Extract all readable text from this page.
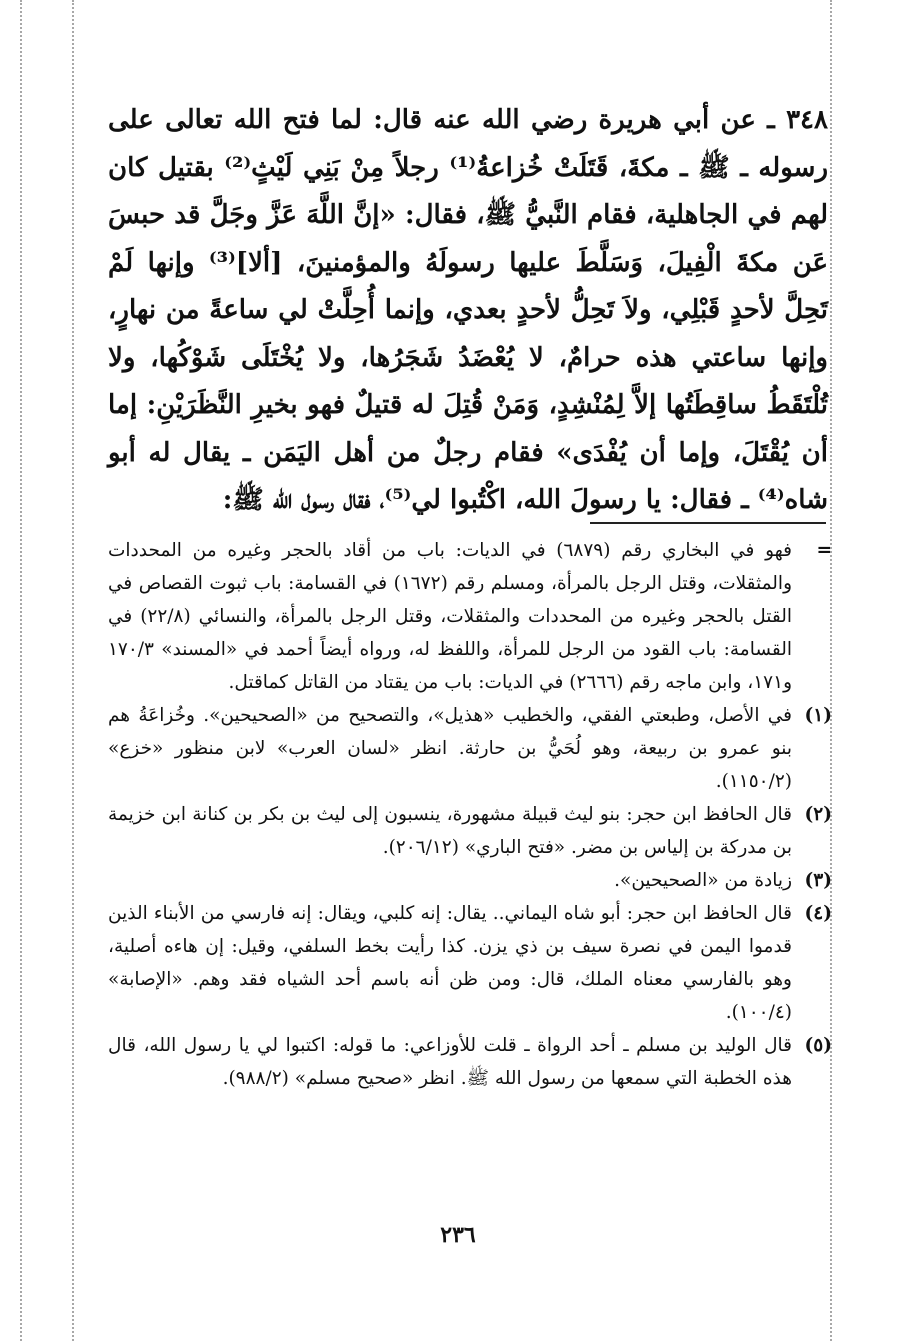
٣٤٨ ـ عن أبي هريرة رضي الله عنه قال: لما فتح الله تعالى على رسوله ـ ﷺ ـ مكةَ، قَتَلَتْ خُزاعةُ⁽¹⁾ رجلاً مِنْ بَنِي لَيْثٍ⁽²⁾ بقتيل كان لهم في الجاهلية، فقام النَّبيُّ ﷺ، فقال: «إنَّ اللَّهَ عَزَّ وجَلَّ قد حبسَ عَن مكةَ الْفِيلَ، وَسَلَّطَ عليها رسولَهُ والمؤمنينَ، [ألا]⁽³⁾ وإنها لَمْ تَحِلَّ لأحدٍ قَبْلِي، ولاَ تَحِلُّ لأحدٍ بعدي، وإنما أُحِلَّتْ لي ساعةً من نهارٍ، وإنها ساعتي هذه حرامٌ، لا يُعْضَدُ شَجَرُها، ولا يُخْتَلَى شَوْكُها، ولا تُلْتَقَطُ ساقِطَتُها إلاَّ لِمُنْشِدٍ، وَمَنْ قُتِلَ له قتيلٌ فهو بخيرِ النَّظَرَيْنِ: إما أن يُقْتَلَ، وإما أن يُفْدَى» فقام رجلٌ من أهل اليَمَن ـ يقال له أبو شاه⁽⁴⁾ ـ فقال: يا رسولَ الله، اكْتُبوا لي⁽⁵⁾، فقال رسول الله ﷺ:

=
فهو في البخاري رقم (٦٨٧٩) في الديات: باب من أقاد بالحجر وغيره من المحددات والمثقلات، وقتل الرجل بالمرأة، ومسلم رقم (١٦٧٢) في القسامة: باب ثبوت القصاص في القتل بالحجر وغيره من المحددات والمثقلات، وقتل الرجل بالمرأة، والنسائي (٢٢/٨) في القسامة: باب القود من الرجل للمرأة، واللفظ له، ورواه أيضاً أحمد في «المسند» ١٧٠/٣ و١٧١، وابن ماجه رقم (٢٦٦٦) في الديات: باب من يقتاد من القاتل كماقتل.

(١)
في الأصل، وطبعتي الفقي، والخطيب «هذيل»، والتصحيح من «الصحيحين». وخُزاعَةُ هم بنو عمرو بن ربيعة، وهو لُحَيُّ بن حارثة. انظر «لسان العرب» لابن منظور «خزع» (١١٥٠/٢).

(٢)
قال الحافظ ابن حجر: بنو ليث قبيلة مشهورة، ينسبون إلى ليث بن بكر بن كنانة ابن خزيمة بن مدركة بن إلياس بن مضر. «فتح الباري» (٢٠٦/١٢).

(٣)
زيادة من «الصحيحين».

(٤)
قال الحافظ ابن حجر: أبو شاه اليماني.. يقال: إنه كلبي، ويقال: إنه فارسي من الأبناء الذين قدموا اليمن في نصرة سيف بن ذي يزن. كذا رأيت بخط السلفي، وقيل: إن هاءه أصلية، وهو بالفارسي معناه الملك، قال: ومن ظن أنه باسم أحد الشياه فقد وهم. «الإصابة» (١٠٠/٤).

(٥)
قال الوليد بن مسلم ـ أحد الرواة ـ قلت للأوزاعي: ما قوله: اكتبوا لي يا رسول الله، قال هذه الخطبة التي سمعها من رسول الله ﷺ. انظر «صحيح مسلم» (٩٨٨/٢).

٢٣٦
